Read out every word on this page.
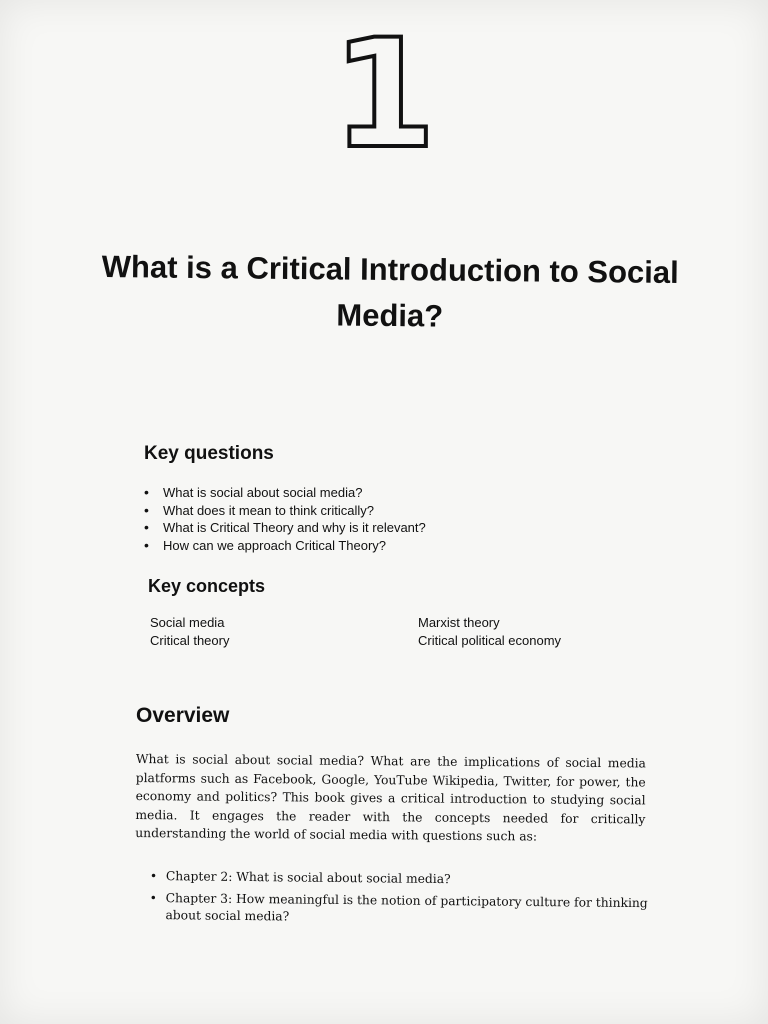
1
What is a Critical Introduction to Social Media?
Key questions
• What is social about social media?
• What does it mean to think critically?
• What is Critical Theory and why is it relevant?
• How can we approach Critical Theory?
Key concepts
Social media
Critical theory
Marxist theory
Critical political economy
Overview

What is social about social media? What are the implications of social media platforms such as Facebook, Google, YouTube Wikipedia, Twitter, for power, the economy and politics? This book gives a critical introduction to studying social media. It engages the reader with the concepts needed for critically understanding the world of social media with questions such as:

• Chapter 2: What is social about social media?
• Chapter 3: How meaningful is the notion of participatory culture for thinking about social media?
